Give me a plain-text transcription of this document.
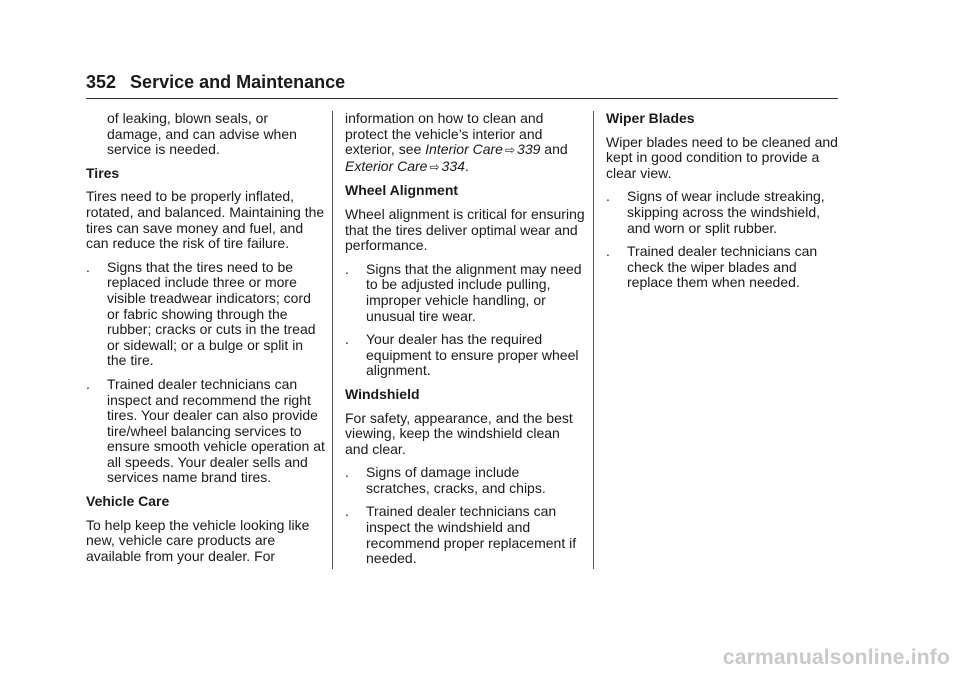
352 Service and Maintenance

of leaking, blown seals, or damage, and can advise when service is needed.

Tires

Tires need to be properly inflated, rotated, and balanced. Maintaining the tires can save money and fuel, and can reduce the risk of tire failure.

. Signs that the tires need to be replaced include three or more visible treadwear indicators; cord or fabric showing through the rubber; cracks or cuts in the tread or sidewall; or a bulge or split in the tire.
. Trained dealer technicians can inspect and recommend the right tires. Your dealer can also provide tire/wheel balancing services to ensure smooth vehicle operation at all speeds. Your dealer sells and services name brand tires.
Vehicle Care

To help keep the vehicle looking like new, vehicle care products are available from your dealer. For

information on how to clean and protect the vehicle’s interior and exterior, see Interior Care ⇨ 339 and Exterior Care ⇨ 334.

Wheel Alignment

Wheel alignment is critical for ensuring that the tires deliver optimal wear and performance.

. Signs that the alignment may need to be adjusted include pulling, improper vehicle handling, or unusual tire wear.
. Your dealer has the required equipment to ensure proper wheel alignment.
Windshield

For safety, appearance, and the best viewing, keep the windshield clean and clear.

. Signs of damage include scratches, cracks, and chips.
. Trained dealer technicians can inspect the windshield and recommend proper replacement if needed.
Wiper Blades

Wiper blades need to be cleaned and kept in good condition to provide a clear view.

. Signs of wear include streaking, skipping across the windshield, and worn or split rubber.
. Trained dealer technicians can check the wiper blades and replace them when needed.
carmanualsonline.info
